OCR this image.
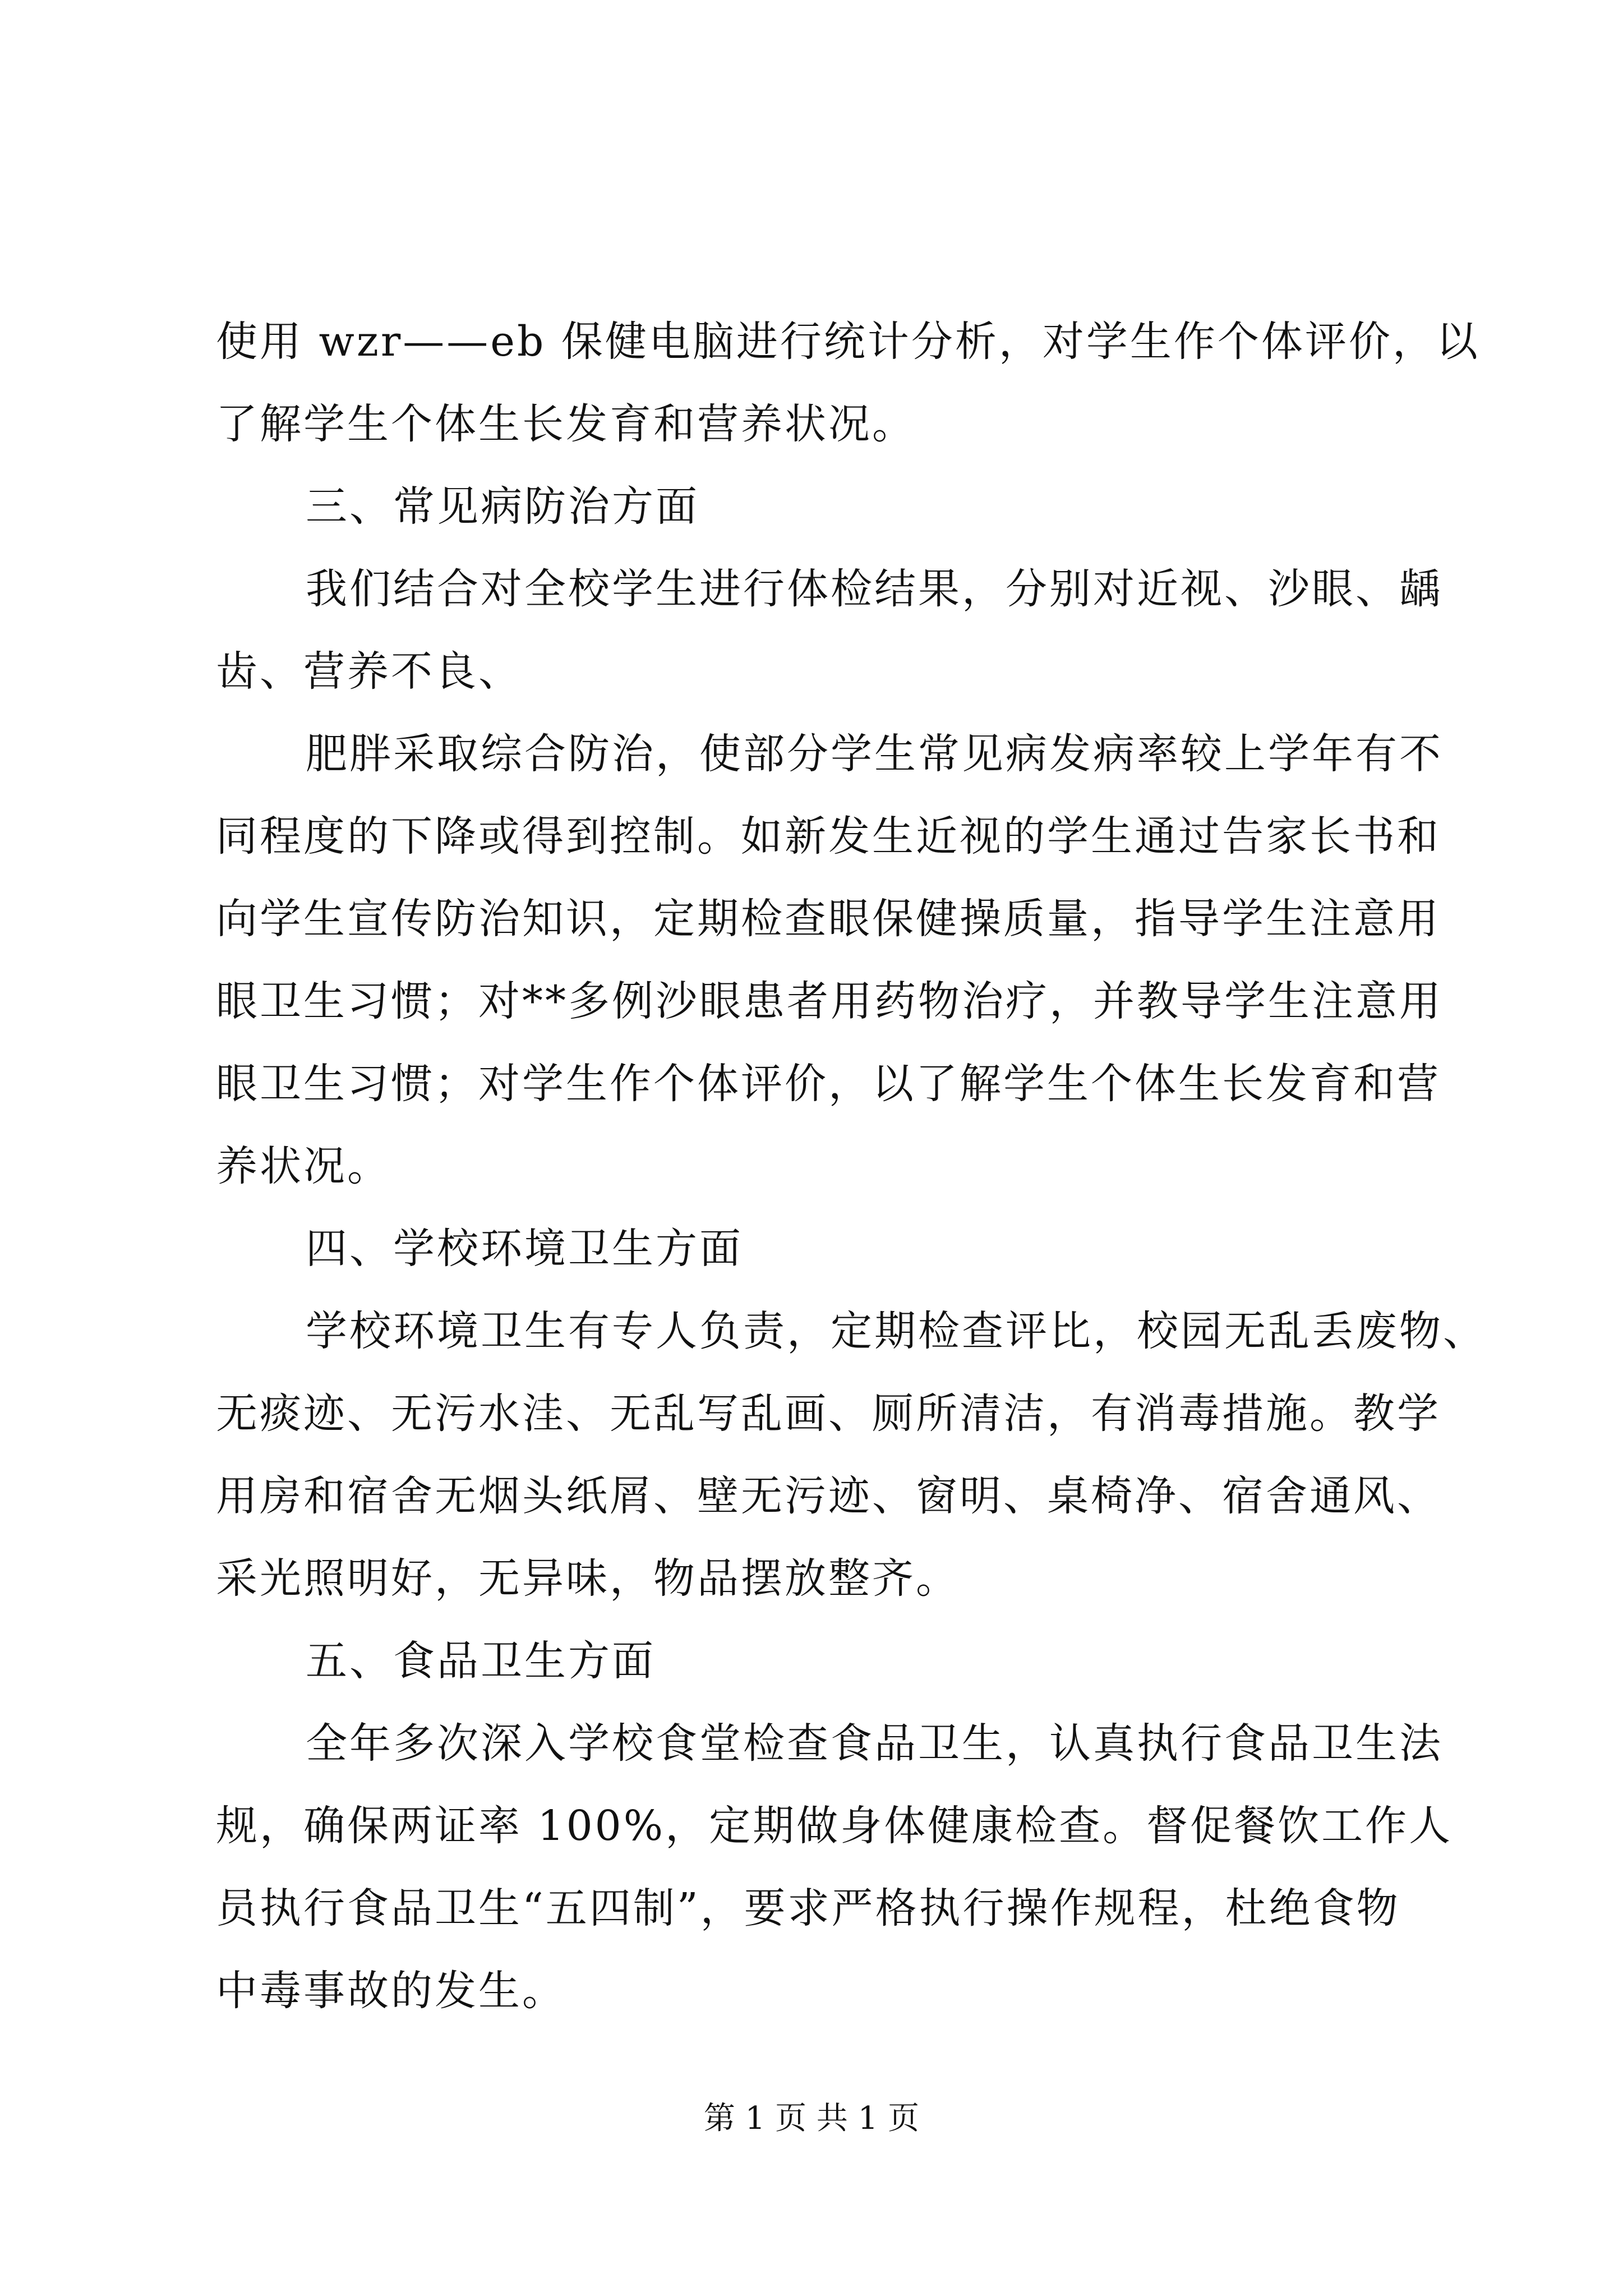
使用 wzr——eb 保健电脑进行统计分析，对学生作个体评价，以
了解学生个体生长发育和营养状况。
三、常见病防治方面
我们结合对全校学生进行体检结果，分别对近视、沙眼、龋
齿、营养不良、
肥胖采取综合防治，使部分学生常见病发病率较上学年有不
同程度的下降或得到控制。如新发生近视的学生通过告家长书和
向学生宣传防治知识，定期检查眼保健操质量，指导学生注意用
眼卫生习惯；对**多例沙眼患者用药物治疗，并教导学生注意用
眼卫生习惯；对学生作个体评价，以了解学生个体生长发育和营
养状况。
四、学校环境卫生方面
学校环境卫生有专人负责，定期检查评比，校园无乱丢废物、
无痰迹、无污水洼、无乱写乱画、厕所清洁，有消毒措施。教学
用房和宿舍无烟头纸屑、壁无污迹、窗明、桌椅净、宿舍通风、
采光照明好，无异味，物品摆放整齐。
五、食品卫生方面
全年多次深入学校食堂检查食品卫生，认真执行食品卫生法
规，确保两证率 100%，定期做身体健康检查。督促餐饮工作人
员执行食品卫生“五四制”，要求严格执行操作规程，杜绝食物
中毒事故的发生。
第 1 页 共 1 页
